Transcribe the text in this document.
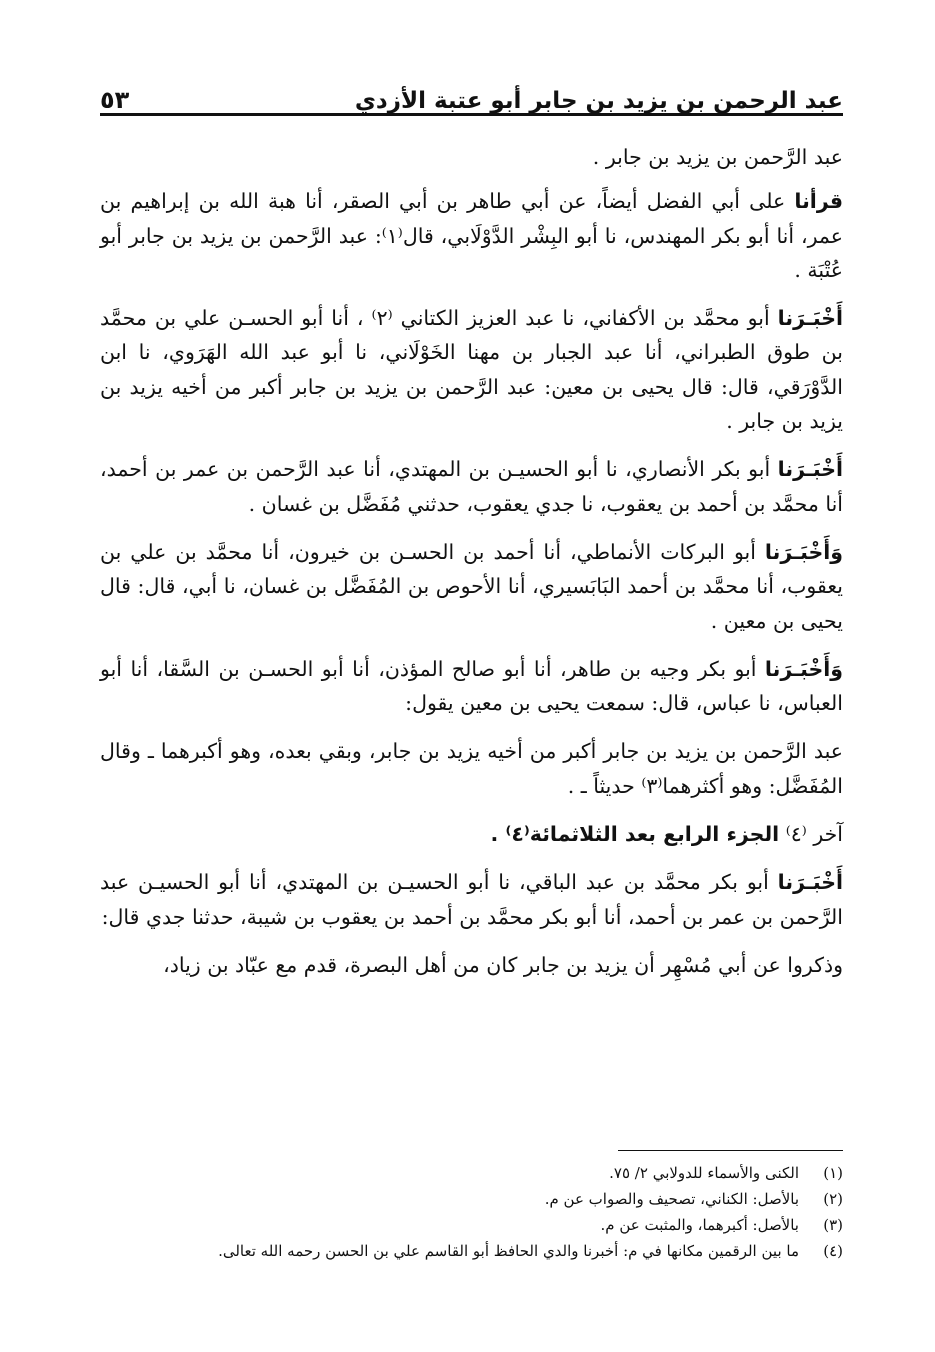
عبد الرحمن بن يزيد بن جابر أبو عتبة الأزدي
٥٣

عبد الرَّحمن بن يزيد بن جابر .

قرأنا على أبي الفضل أيضاً، عن أبي طاهر بن أبي الصقر، أنا هبة الله بن إبراهيم بن عمر، أنا أبو بكر المهندس، نا أبو البِشْر الدَّوْلَابي، قال⁽١⁾: عبد الرَّحمن بن يزيد بن جابر أبو عُتْبَة .

أَخْبَـرَنا أبو محمَّد بن الأكفاني، نا عبد العزيز الكتاني ⁽٢⁾ ، أنا أبو الحسـن علي بن محمَّد بن طوق الطبراني، أنا عبد الجبار بن مهنا الخَوْلَاني، نا أبو عبد الله الهَرَوي، نا ابن الدَّوْرَقي، قال: قال يحيى بن معين: عبد الرَّحمن بن يزيد بن جابر أكبر من أخيه يزيد بن يزيد بن جابر .

أَخْبَـرَنا أبو بكر الأنصاري، نا أبو الحسيـن بن المهتدي، أنا عبد الرَّحمن بن عمر بن أحمد، أنا محمَّد بن أحمد بن يعقوب، نا جدي يعقوب، حدثني مُفَضَّل بن غسان .

وَأَخْبَـرَنا أبو البركات الأنماطي، أنا أحمد بن الحسـن بن خيرون، أنا محمَّد بن علي بن يعقوب، أنا محمَّد بن أحمد البَابَسيري، أنا الأحوص بن المُفَضَّل بن غسان، نا أبي، قال: قال يحيى بن معين .

وَأَخْبَـرَنا أبو بكر وجيه بن طاهر، أنا أبو صالح المؤذن، أنا أبو الحسـن بن السَّقا، أنا أبو العباس، نا عباس، قال: سمعت يحيى بن معين يقول:

عبد الرَّحمن بن يزيد بن جابر أكبر من أخيه يزيد بن جابر، وبقي بعده، وهو أكبرهما ـ وقال المُفَضَّل: وهو أكثرهما⁽٣⁾ حديثاً ـ .

آخر ⁽٤⁾ الجزء الرابع بعد الثلاثمائة⁽٤⁾ .

أَخْبَـرَنا أبو بكر محمَّد بن عبد الباقي، نا أبو الحسيـن بن المهتدي، أنا أبو الحسيـن عبد الرَّحمن بن عمر بن أحمد، أنا أبو بكر محمَّد بن أحمد بن يعقوب بن شيبة، حدثنا جدي قال:

وذكروا عن أبي مُسْهِر أن يزيد بن جابر كان من أهل البصرة، قدم مع عبّاد بن زياد،

(١)
الكنى والأسماء للدولابي ٢/ ٧٥.
(٢)
بالأصل: الكناني، تصحيف والصواب عن م.
(٣)
بالأصل: أكبرهما، والمثبت عن م.
(٤)
ما بين الرقمين مكانها في م: أخبرنا والدي الحافظ أبو القاسم علي بن الحسن رحمه الله تعالى.
